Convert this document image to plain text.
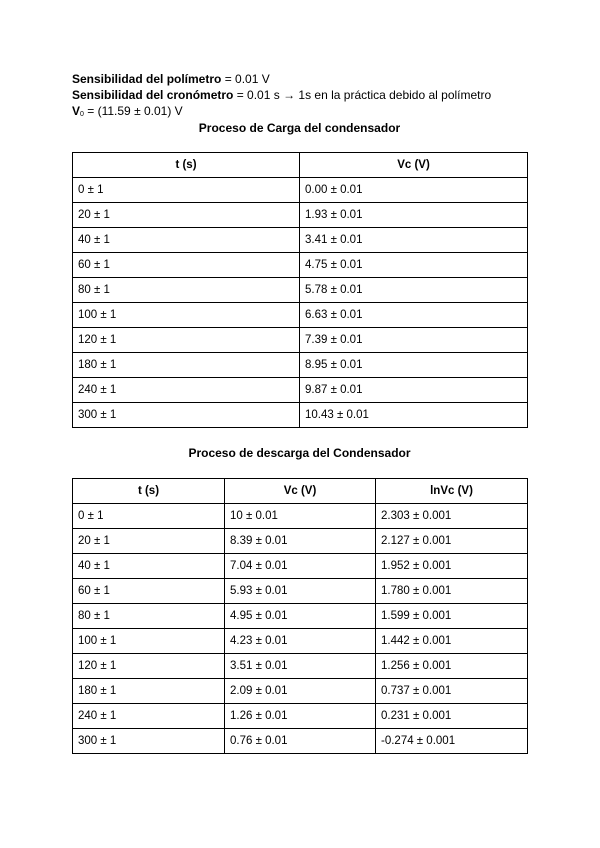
Sensibilidad del polímetro = 0.01 V
Sensibilidad del cronómetro = 0.01 s → 1s en la práctica debido al polímetro
V0 = (11.59 ± 0.01) V
Proceso de Carga del condensador
t (s)	Vc (V)
0 ± 1	0.00 ± 0.01
20 ± 1	1.93 ± 0.01
40 ± 1	3.41 ± 0.01
60 ± 1	4.75 ± 0.01
80 ± 1	5.78 ± 0.01
100 ± 1	6.63 ± 0.01
120 ± 1	7.39 ± 0.01
180 ± 1	8.95 ± 0.01
240 ± 1	9.87 ± 0.01
300 ± 1	10.43 ± 0.01
Proceso de descarga del Condensador
t (s)	Vc (V)	lnVc (V)
0 ± 1	10 ± 0.01	2.303 ± 0.001
20 ± 1	8.39 ± 0.01	2.127 ± 0.001
40 ± 1	7.04 ± 0.01	1.952 ± 0.001
60 ± 1	5.93 ± 0.01	1.780 ± 0.001
80 ± 1	4.95 ± 0.01	1.599 ± 0.001
100 ± 1	4.23 ± 0.01	1.442 ± 0.001
120 ± 1	3.51 ± 0.01	1.256 ± 0.001
180 ± 1	2.09 ± 0.01	0.737 ± 0.001
240 ± 1	1.26 ± 0.01	0.231 ± 0.001
300 ± 1	0.76 ± 0.01	-0.274 ± 0.001
